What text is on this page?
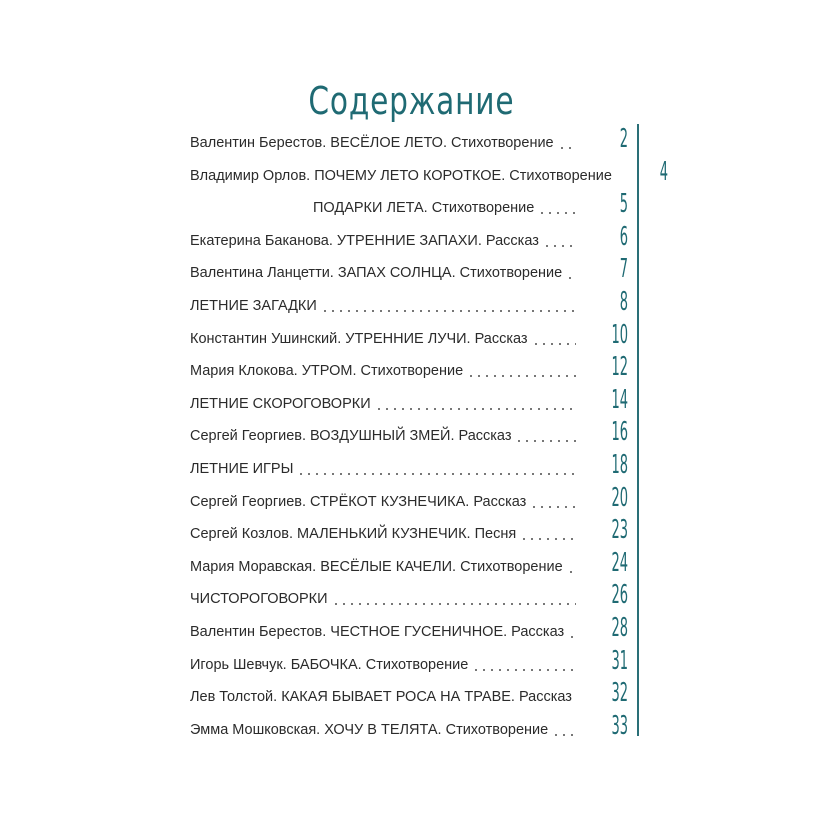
Содержание
Валентин Берестов. ВЕСЁЛОЕ ЛЕТО. Стихотворение	2
Владимир Орлов. ПОЧЕМУ ЛЕТО КОРОТКОЕ. Стихотворение	4
ПОДАРКИ ЛЕТА. Стихотворение	5
Екатерина Баканова. УТРЕННИЕ ЗАПАХИ. Рассказ	6
Валентина Ланцетти. ЗАПАХ СОЛНЦА. Стихотворение	7
ЛЕТНИЕ ЗАГАДКИ	8
Константин Ушинский. УТРЕННИЕ ЛУЧИ. Рассказ	10
Мария Клокова. УТРОМ. Стихотворение	12
ЛЕТНИЕ СКОРОГОВОРКИ	14
Сергей Георгиев. ВОЗДУШНЫЙ ЗМЕЙ. Рассказ	16
ЛЕТНИЕ ИГРЫ	18
Сергей Георгиев. СТРЁКОТ КУЗНЕЧИКА. Рассказ	20
Сергей Козлов. МАЛЕНЬКИЙ КУЗНЕЧИК. Песня	23
Мария Моравская. ВЕСЁЛЫЕ КАЧЕЛИ. Стихотворение 24
ЧИСТОРОГОВОРКИ	26
Валентин Берестов. ЧЕСТНОЕ ГУСЕНИЧНОЕ. Рассказ 28
Игорь Шевчук. БАБОЧКА. Стихотворение	31
Лев Толстой. КАКАЯ БЫВАЕТ РОСА НА ТРАВЕ. Рассказ 32
Эмма Мошковская. ХОЧУ В ТЕЛЯТА. Стихотворение 33
